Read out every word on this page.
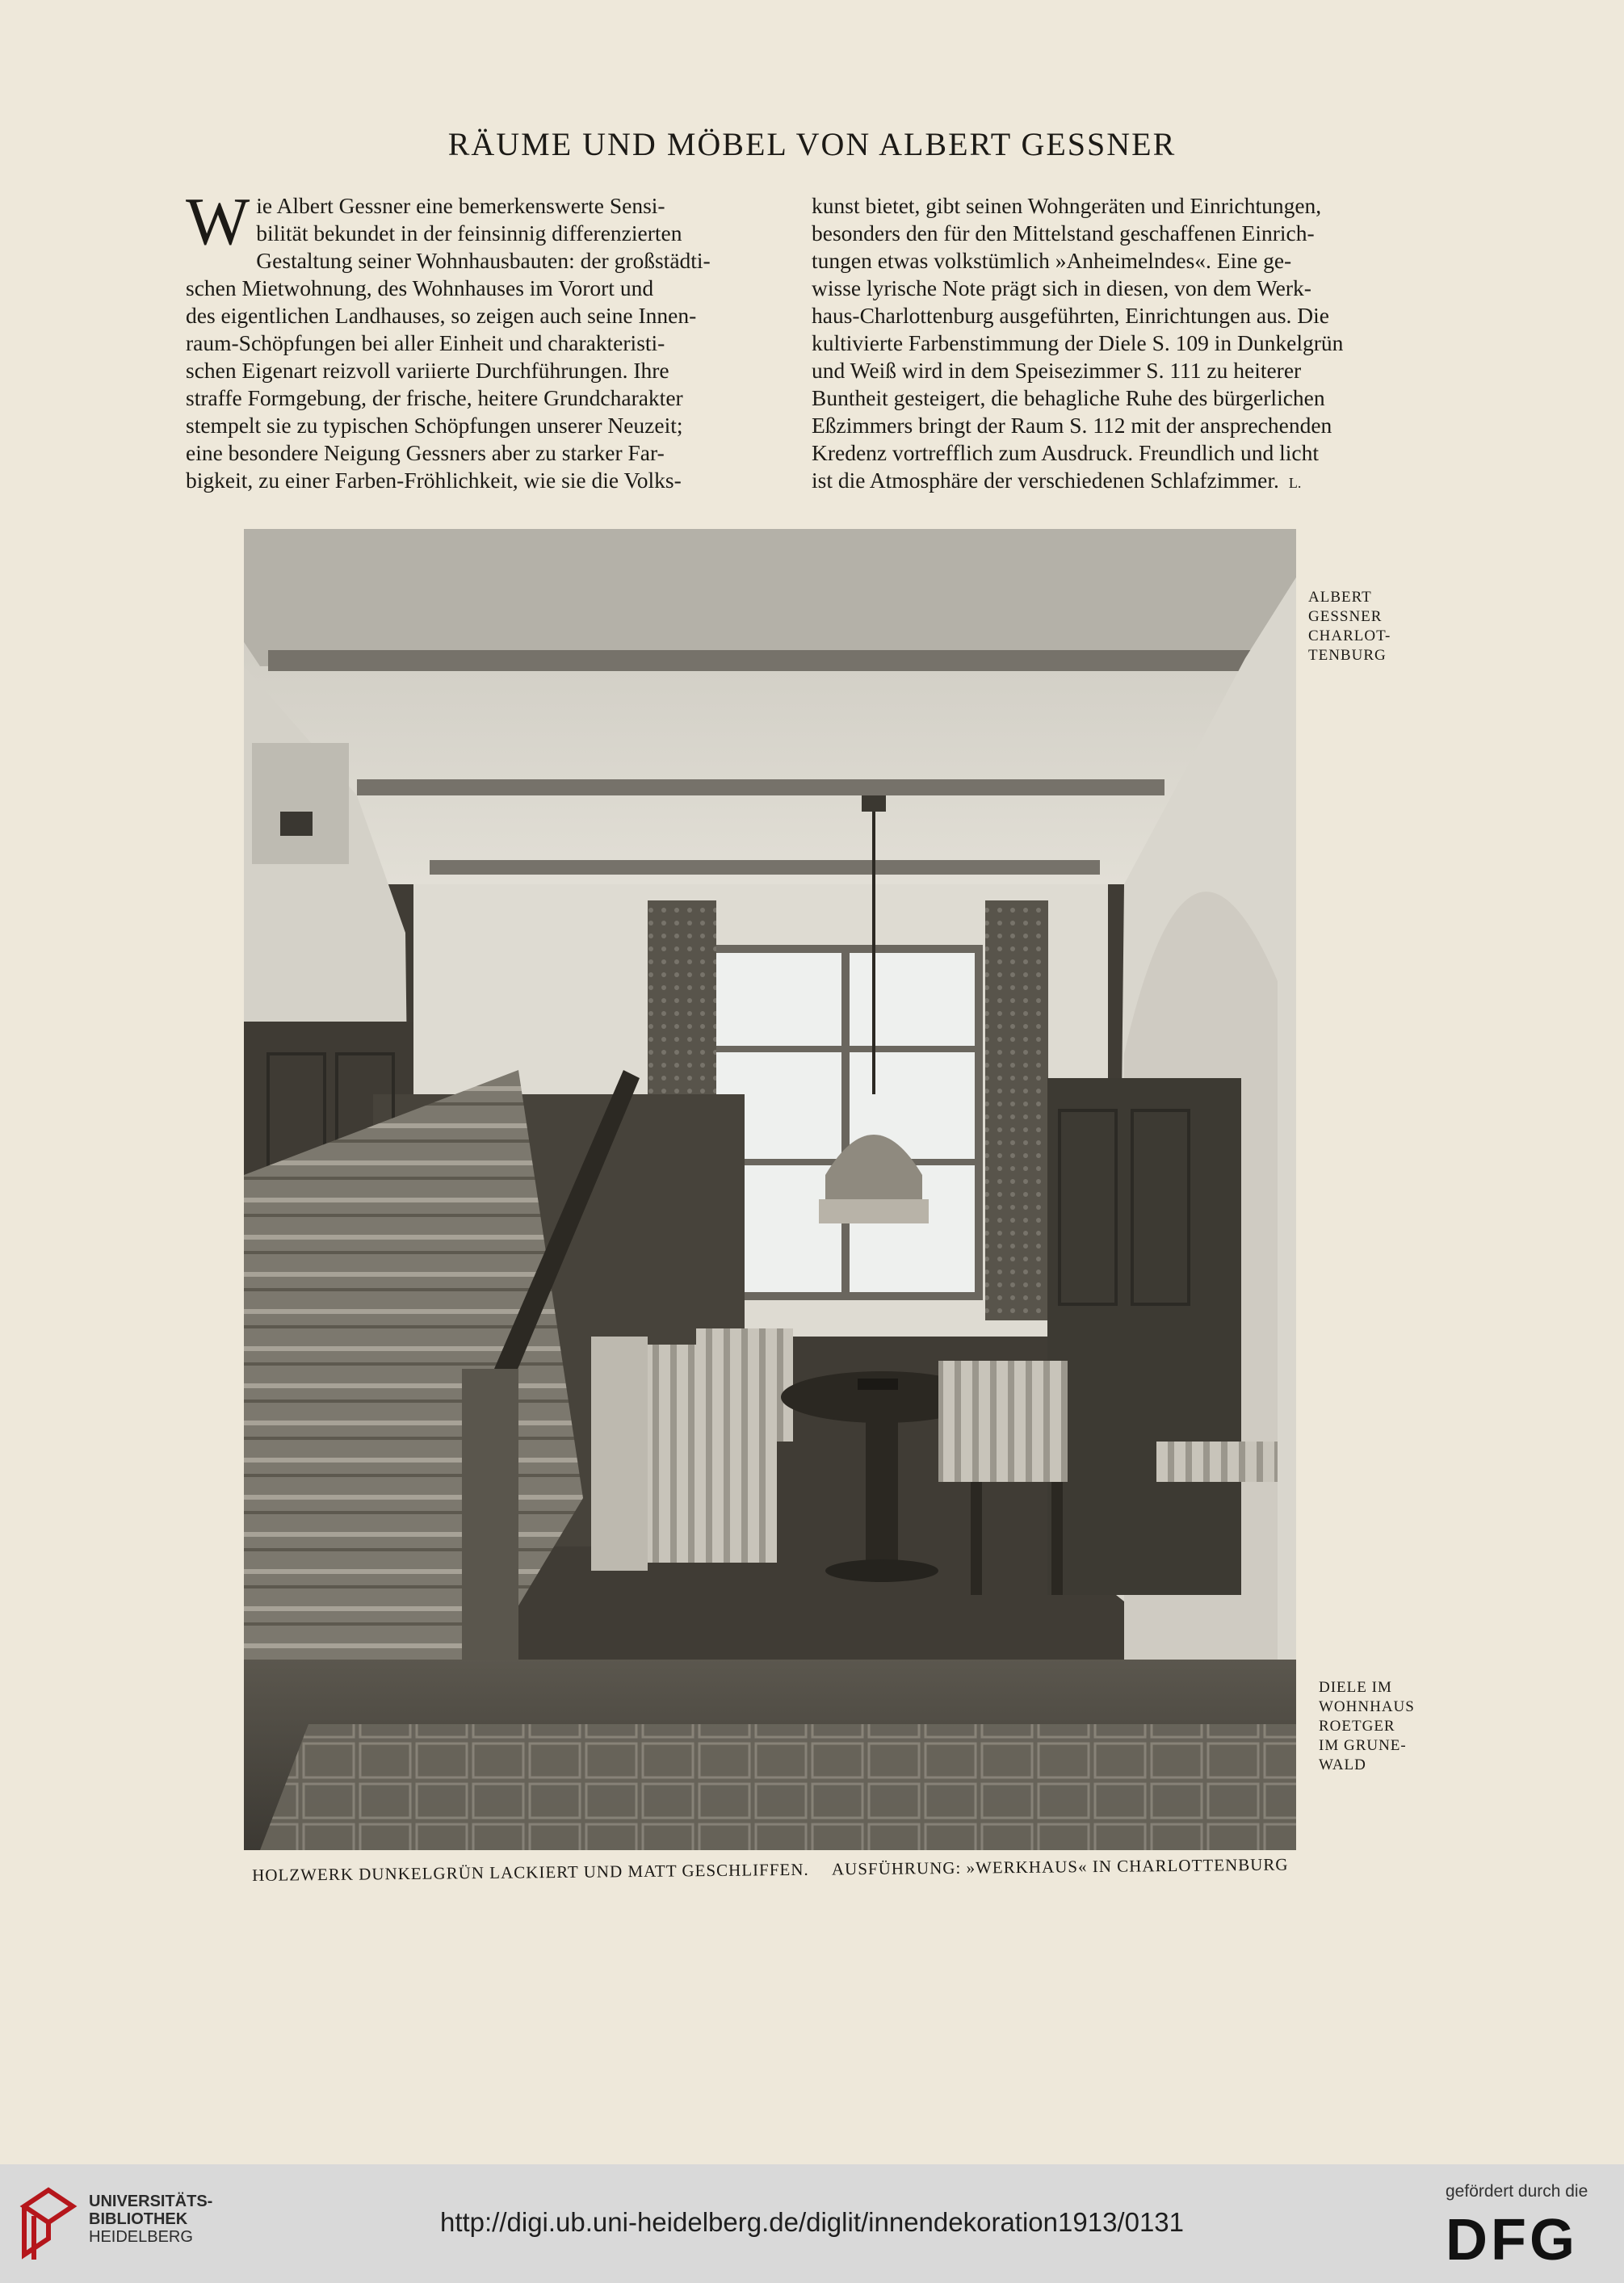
RÄUME UND MÖBEL VON ALBERT GESSNER
W ie Albert Gessner eine bemerkenswerte Sensi-

bilität bekundet in der feinsinnig differenzierten

Gestaltung seiner Wohnhausbauten: der großstädti-

schen Mietwohnung, des Wohnhauses im Vorort und

des eigentlichen Landhauses, so zeigen auch seine Innen-

raum-Schöpfungen bei aller Einheit und charakteristi-

schen Eigenart reizvoll variierte Durchführungen. Ihre

straffe Formgebung, der frische, heitere Grundcharakter

stempelt sie zu typischen Schöpfungen unserer Neuzeit;

eine besondere Neigung Gessners aber zu starker Far-

bigkeit, zu einer Farben-Fröhlichkeit, wie sie die Volks-

kunst bietet, gibt seinen Wohngeräten und Einrichtungen,

besonders den für den Mittelstand geschaffenen Einrich-

tungen etwas volkstümlich »Anheimelndes«. Eine ge-

wisse lyrische Note prägt sich in diesen, von dem Werk-

haus-Charlottenburg ausgeführten, Einrichtungen aus. Die

kultivierte Farbenstimmung der Diele S. 109 in Dunkelgrün

und Weiß wird in dem Speisezimmer S. 111 zu heiterer

Buntheit gesteigert, die behagliche Ruhe des bürgerlichen

Eßzimmers bringt der Raum S. 112 mit der ansprechenden

Kredenz vortrefflich zum Ausdruck. Freundlich und licht

ist die Atmosphäre der verschiedenen Schlafzimmer. L.

ALBERT
GESSNER
CHARLOT-
TENBURG
DIELE IM
WOHNHAUS
ROETGER
IM GRUNE-
WALD
HOLZWERK DUNKELGRÜN LACKIERT UND MATT GESCHLIFFEN. AUSFÜHRUNG: »WERKHAUS« IN CHARLOTTENBURG
UNIVERSITÄTS-
BIBLIOTHEK
HEIDELBERG	http://digi.ub.uni-heidelberg.de/diglit/innendekoration1913/0131
gefördert durch die
DFG
